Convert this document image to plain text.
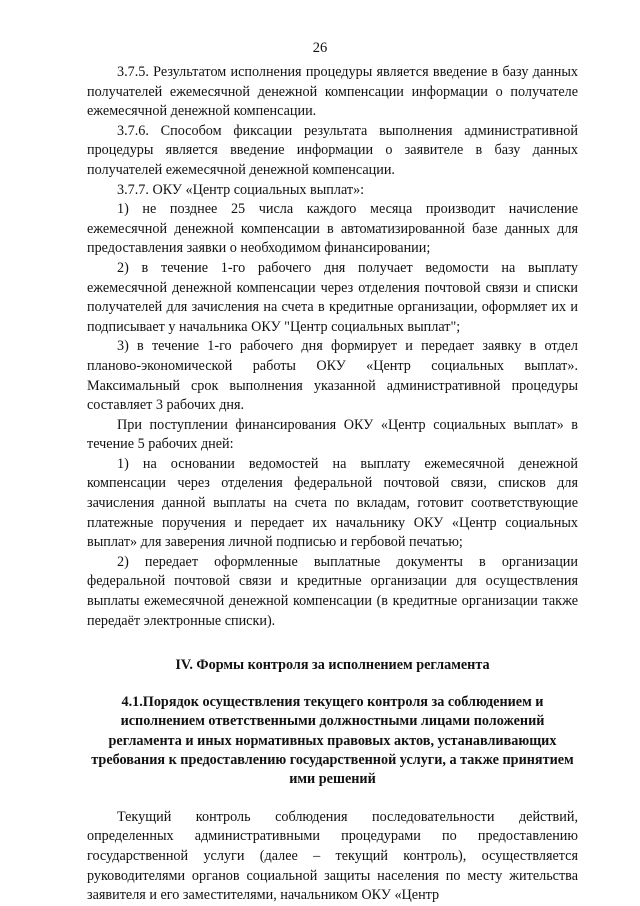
26

3.7.5. Результатом исполнения процедуры является введение в базу данных получателей ежемесячной денежной компенсации информации о получателе ежемесячной денежной компенсации.

3.7.6. Способом фиксации результата выполнения административной процедуры является введение информации о заявителе в базу данных получателей ежемесячной денежной компенсации.

3.7.7. ОКУ «Центр социальных выплат»:

1) не позднее 25 числа каждого месяца производит начисление ежемесячной денежной компенсации в автоматизированной базе данных для предоставления заявки о необходимом финансировании;

2) в течение 1-го рабочего дня получает ведомости на выплату ежемесячной денежной компенсации через отделения почтовой связи и списки получателей для зачисления на счета в кредитные организации, оформляет их и подписывает у начальника ОКУ "Центр социальных выплат";

3) в течение 1-го рабочего дня формирует и передает заявку в отдел планово-экономической работы ОКУ «Центр социальных выплат». Максимальный срок выполнения указанной административной процедуры составляет 3 рабочих дня.

При поступлении финансирования ОКУ «Центр социальных выплат» в течение 5 рабочих дней:

1) на основании ведомостей на выплату ежемесячной денежной компенсации через отделения федеральной почтовой связи, списков для зачисления данной выплаты на счета по вкладам, готовит соответствующие платежные поручения и передает их начальнику ОКУ «Центр социальных выплат» для заверения личной подписью и гербовой печатью;

2) передает оформленные выплатные документы в организации федеральной почтовой связи и кредитные организации для осуществления выплаты ежемесячной денежной компенсации (в кредитные организации также передаёт электронные списки).

IV. Формы контроля за исполнением регламента
4.1.Порядок осуществления текущего контроля за соблюдением и исполнением ответственными должностными лицами положений регламента и иных нормативных правовых актов, устанавливающих требования к предоставлению государственной услуги, а также принятием ими решений

Текущий контроль соблюдения последовательности действий, определенных административными процедурами по предоставлению государственной услуги (далее – текущий контроль), осуществляется руководителями органов социальной защиты населения по месту жительства заявителя и его заместителями, начальником ОКУ «Центр
